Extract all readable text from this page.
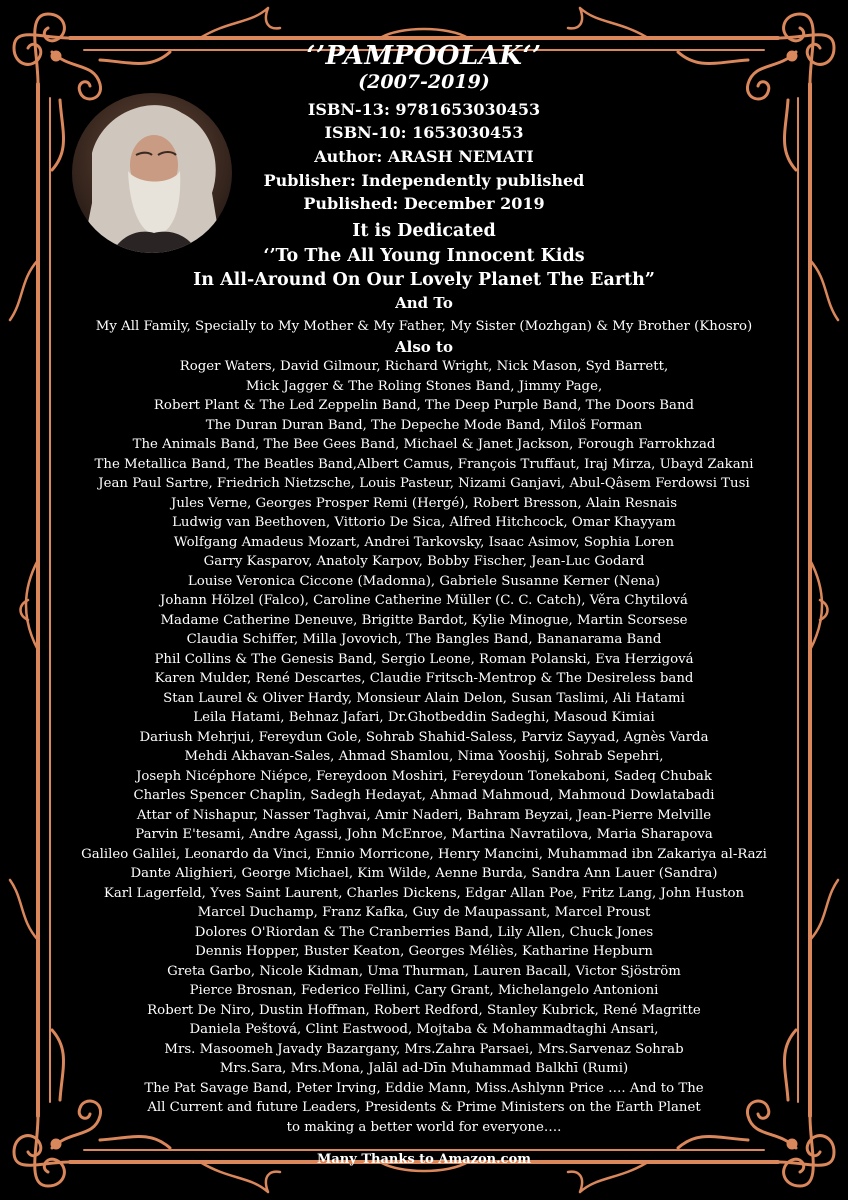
‘’PAMPOOLAK‘’
(2007-2019)
ISBN-13: 9781653030453
ISBN-10: 1653030453
Author: ARASH NEMATI
Publisher: Independently published
Published: December 2019
It is Dedicated
‘’To The All Young Innocent Kids
In All-Around On Our Lovely Planet The Earth”
And To
My All Family, Specially to My Mother & My Father, My Sister (Mozhgan) & My Brother (Khosro)
Also to
Roger Waters, David Gilmour, Richard Wright, Nick Mason, Syd Barrett,
Mick Jagger & The Roling Stones Band, Jimmy Page,
Robert Plant & The Led Zeppelin Band, The Deep Purple Band, The Doors Band
The Duran Duran Band, The Depeche Mode Band, Miloš Forman
The Animals Band, The Bee Gees Band, Michael & Janet Jackson, Forough Farrokhzad
The Metallica Band, The Beatles Band,Albert Camus, François Truffaut, Iraj Mirza, Ubayd Zakani
Jean Paul Sartre, Friedrich Nietzsche, Louis Pasteur, Nizami Ganjavi, Abul-Qâsem Ferdowsi Tusi
Jules Verne, Georges Prosper Remi (Hergé), Robert Bresson, Alain Resnais
Ludwig van Beethoven, Vittorio De Sica, Alfred Hitchcock, Omar Khayyam
Wolfgang Amadeus Mozart, Andrei Tarkovsky, Isaac Asimov, Sophia Loren
Garry Kasparov, Anatoly Karpov, Bobby Fischer, Jean-Luc Godard
Louise Veronica Ciccone (Madonna), Gabriele Susanne Kerner (Nena)
Johann Hölzel (Falco), Caroline Catherine Müller (C. C. Catch), Věra Chytilová
Madame Catherine Deneuve, Brigitte Bardot, Kylie Minogue, Martin Scorsese
Claudia Schiffer, Milla Jovovich, The Bangles Band, Bananarama Band
Phil Collins & The Genesis Band, Sergio Leone, Roman Polanski, Eva Herzigová
Karen Mulder, René Descartes, Claudie Fritsch-Mentrop & The Desireless band
Stan Laurel & Oliver Hardy, Monsieur Alain Delon, Susan Taslimi, Ali Hatami
Leila Hatami, Behnaz Jafari, Dr.Ghotbeddin Sadeghi, Masoud Kimiai
Dariush Mehrjui, Fereydun Gole, Sohrab Shahid-Saless, Parviz Sayyad, Agnès Varda
Mehdi Akhavan-Sales, Ahmad Shamlou, Nima Yooshij, Sohrab Sepehri,
Joseph Nicéphore Niépce, Fereydoon Moshiri, Fereydoun Tonekaboni, Sadeq Chubak
Charles Spencer Chaplin, Sadegh Hedayat, Ahmad Mahmoud, Mahmoud Dowlatabadi
Attar of Nishapur, Nasser Taghvai, Amir Naderi, Bahram Beyzai, Jean-Pierre Melville
Parvin E'tesami, Andre Agassi, John McEnroe, Martina Navratilova, Maria Sharapova
Galileo Galilei, Leonardo da Vinci, Ennio Morricone, Henry Mancini, Muhammad ibn Zakariya al-Razi
Dante Alighieri, George Michael, Kim Wilde, Aenne Burda, Sandra Ann Lauer (Sandra)
Karl Lagerfeld, Yves Saint Laurent, Charles Dickens, Edgar Allan Poe, Fritz Lang, John Huston
Marcel Duchamp, Franz Kafka, Guy de Maupassant, Marcel Proust
Dolores O'Riordan & The Cranberries Band, Lily Allen, Chuck Jones
Dennis Hopper, Buster Keaton, Georges Méliès, Katharine Hepburn
Greta Garbo, Nicole Kidman, Uma Thurman, Lauren Bacall, Victor Sjöström
Pierce Brosnan, Federico Fellini, Cary Grant, Michelangelo Antonioni
Robert De Niro, Dustin Hoffman, Robert Redford, Stanley Kubrick, René Magritte
Daniela Peštová, Clint Eastwood, Mojtaba & Mohammadtaghi Ansari,
Mrs. Masoomeh Javady Bazargany, Mrs.Zahra Parsaei, Mrs.Sarvenaz Sohrab
Mrs.Sara, Mrs.Mona, Jalāl ad-Dīn Muhammad Balkhī (Rumi)
The Pat Savage Band, Peter Irving, Eddie Mann, Miss.Ashlynn Price …. And to The
All Current and future Leaders, Presidents & Prime Ministers on the Earth Planet
to making a better world for everyone….
Many Thanks to Amazon.com
